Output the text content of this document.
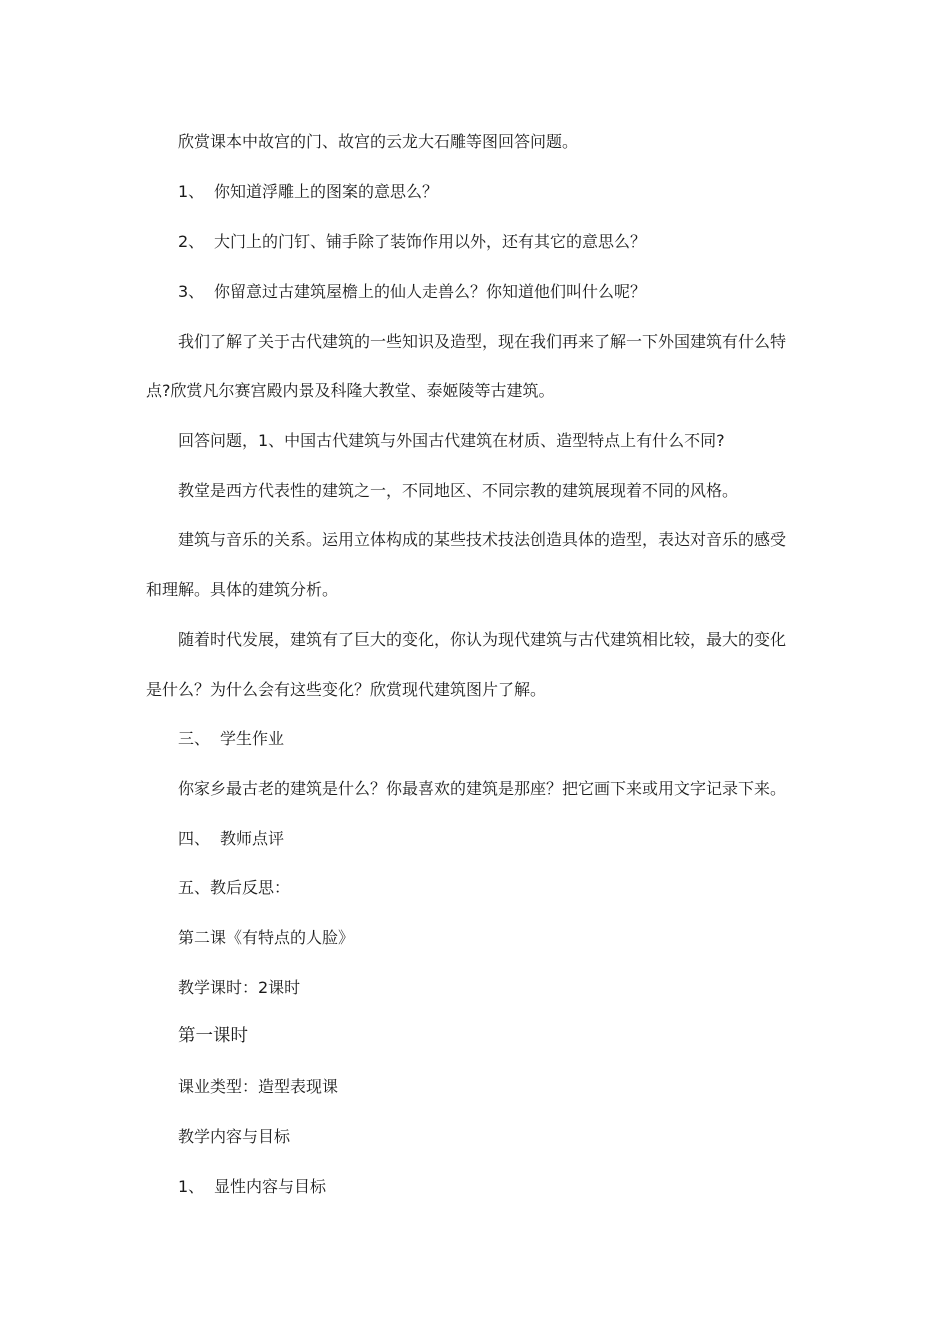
欣赏课本中故宫的门、故宫的云龙大石雕等图回答问题。
1、 你知道浮雕上的图案的意思么？
2、 大门上的门钉、铺手除了装饰作用以外，还有其它的意思么？
3、 你留意过古建筑屋檐上的仙人走兽么？你知道他们叫什么呢？
我们了解了关于古代建筑的一些知识及造型，现在我们再来了解一下外国建筑有什么特
点?欣赏凡尔赛宫殿内景及科隆大教堂、泰姬陵等古建筑。
回答问题，1、中国古代建筑与外国古代建筑在材质、造型特点上有什么不同?
教堂是西方代表性的建筑之一，不同地区、不同宗教的建筑展现着不同的风格。
建筑与音乐的关系。运用立体构成的某些技术技法创造具体的造型，表达对音乐的感受
和理解。具体的建筑分析。
随着时代发展，建筑有了巨大的变化，你认为现代建筑与古代建筑相比较，最大的变化
是什么？为什么会有这些变化？欣赏现代建筑图片了解。
三、 学生作业
你家乡最古老的建筑是什么？你最喜欢的建筑是那座？把它画下来或用文字记录下来。
四、 教师点评
五、教后反思：
第二课《有特点的人脸》
教学课时：2课时
第一课时
课业类型：造型表现课
教学内容与目标
1、 显性内容与目标
